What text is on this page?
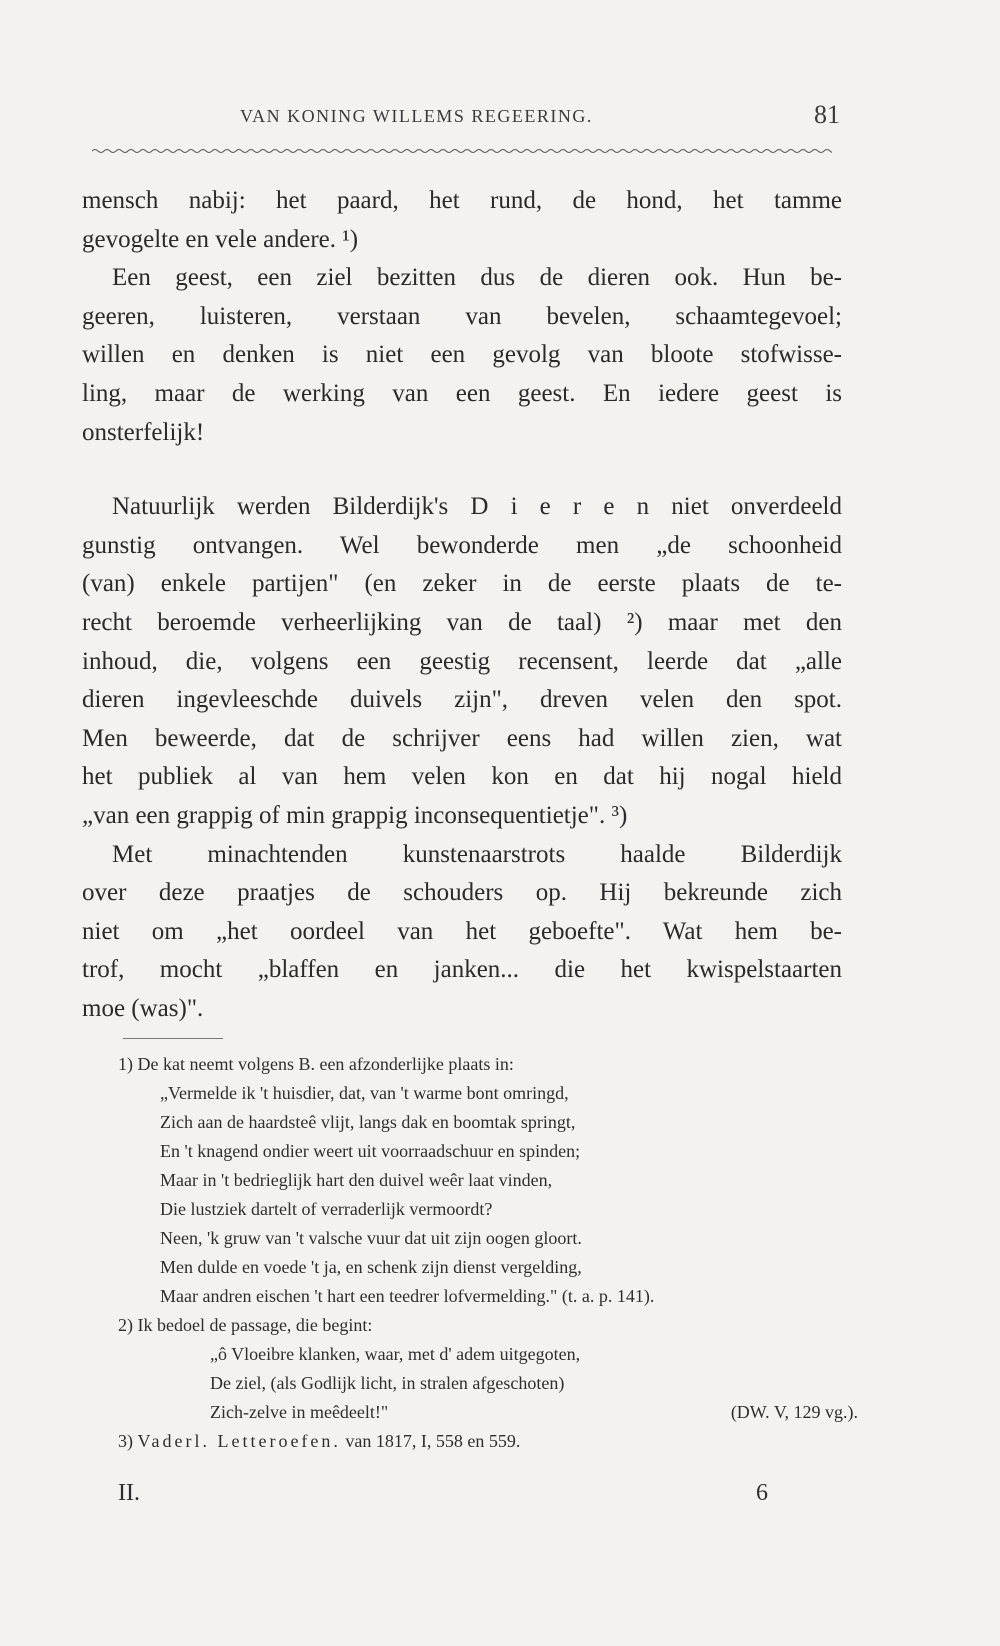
VAN KONING WILLEMS REGEERING.	81
mensch nabij: het paard, het rund, de hond, het tamme
gevogelte en vele andere. ¹)
Een geest, een ziel bezitten dus de dieren ook. Hun be-
geeren, luisteren, verstaan van bevelen, schaamtegevoel;
willen en denken is niet een gevolg van bloote stofwisse-
ling, maar de werking van een geest. En iedere geest is
onsterfelijk!
Natuurlijk werden Bilderdijk's D i e r e n niet onverdeeld
gunstig ontvangen. Wel bewonderde men „de schoonheid
(van) enkele partijen" (en zeker in de eerste plaats de te-
recht beroemde verheerlijking van de taal) ²) maar met den
inhoud, die, volgens een geestig recensent, leerde dat „alle
dieren ingevleeschde duivels zijn", dreven velen den spot.
Men beweerde, dat de schrijver eens had willen zien, wat
het publiek al van hem velen kon en dat hij nogal hield
„van een grappig of min grappig inconsequentietje". ³)
Met minachtenden kunstenaarstrots haalde Bilderdijk
over deze praatjes de schouders op. Hij bekreunde zich
niet om „het oordeel van het geboefte". Wat hem be-
trof, mocht „blaffen en janken... die het kwispelstaarten
moe (was)".
1) De kat neemt volgens B. een afzonderlijke plaats in:
„Vermelde ik 't huisdier, dat, van 't warme bont omringd,
Zich aan de haardsteê vlijt, langs dak en boomtak springt,
En 't knagend ondier weert uit voorraadschuur en spinden;
Maar in 't bedrieglijk hart den duivel weêr laat vinden,
Die lustziek dartelt of verraderlijk vermoordt?
Neen, 'k gruw van 't valsche vuur dat uit zijn oogen gloort.
Men dulde en voede 't ja, en schenk zijn dienst vergelding,
Maar andren eischen 't hart een teedrer lofvermelding." (t. a. p. 141).
2) Ik bedoel de passage, die begint:
„ô Vloeibre klanken, waar, met d' adem uitgegoten,
De ziel, (als Godlijk licht, in stralen afgeschoten)
Zich-zelve in meêdeelt!"	(DW. V, 129 vg.).
3) Vaderl. Letteroefen. van 1817, I, 558 en 559.
II.	6
